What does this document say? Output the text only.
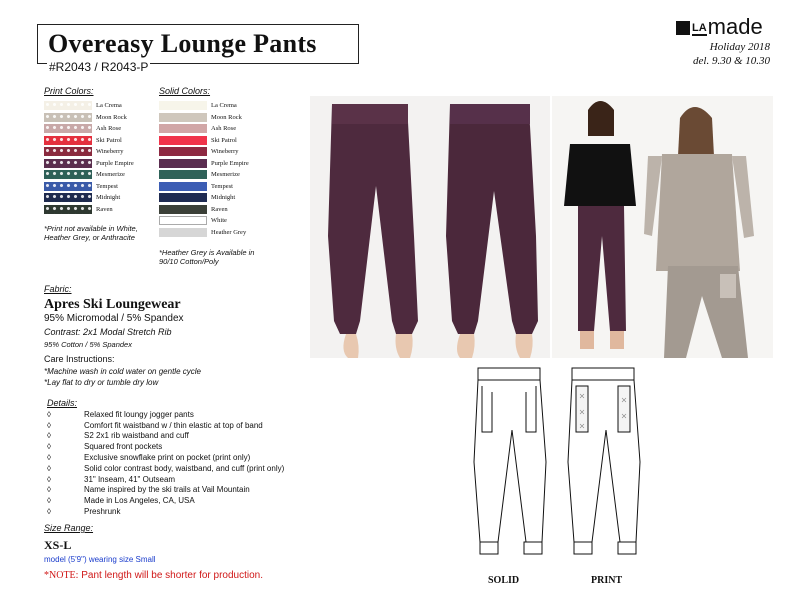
Overeasy Lounge Pants
#R2043 / R2043-P
LAmade
Holiday 2018
del. 9.30 & 10.30
Print Colors:
La Crema
Moon Rock
Ash Rose
Ski Patrol
Wineberry
Purple Empire
Mesmerize
Tempest
Midnight
Raven
*Print not available in White, Heather Grey, or Anthracite
Solid Colors:
La Crema
Moon Rock
Ash Rose
Ski Patrol
Wineberry
Purple Empire
Mesmerize
Tempest
Midnight
Raven
White
Heather Grey
*Heather Grey is Available in 90/10 Cotton/Poly
Fabric:
Apres Ski Loungewear
95% Micromodal / 5% Spandex
Contrast: 2x1 Modal Stretch Rib
95% Cotton / 5% Spandex
Care Instructions:
*Machine wash in cold water on gentle cycle
*Lay flat to dry or tumble dry low
Details:
◊	Relaxed fit loungy jogger pants
◊	Comfort fit waistband w / thin elastic at top of band
◊	S2 2x1 rib waistband and cuff
◊	Squared front pockets
◊	Exclusive snowflake print on pocket (print only)
◊	Solid color contrast body, waistband, and cuff (print only)
◊	31" Inseam, 41" Outseam
◊	Name inspired by the ski trails at Vail Mountain
◊	Made in Los Angeles, CA, USA
◊	Preshrunk
Size Range:
XS-L
model (5'9") wearing size Small
*NOTE: Pant length will be shorter for production.	SOLID	PRINT
